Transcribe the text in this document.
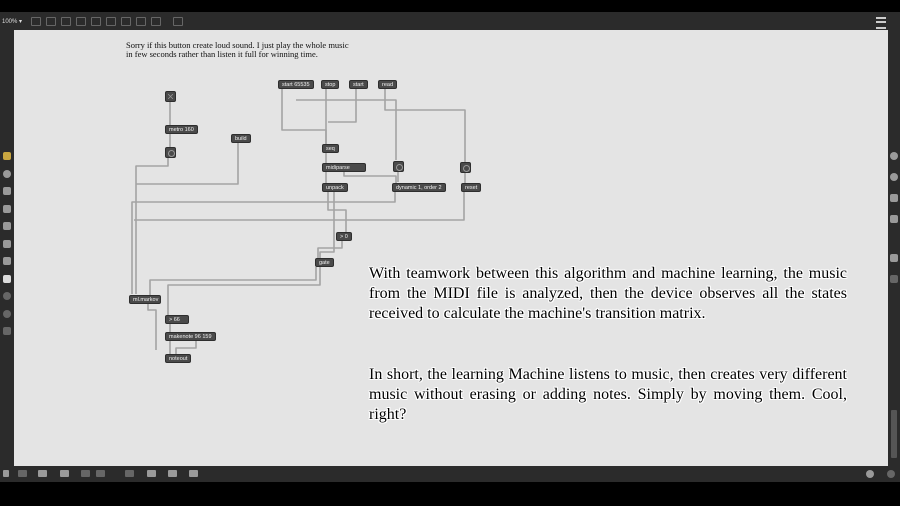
100% ▾
Sorry if this button create loud sound. I just play the whole music in few seconds rather than listen it full for winning time.
start 65535	stop	start	read
metro 160
build
seq
midiparse
unpack	dynamic 1, order 2	reset
> 0
gate
ml.markov
> 66
makenote 96 159
noteout
With teamwork between this algorithm and machine learning, the music from the MIDI file is analyzed, then the device observes all the states received to calculate the machine's transition matrix.
In short, the learning Machine listens to music, then creates very different music without erasing or adding notes. Simply by moving them. Cool, right?
